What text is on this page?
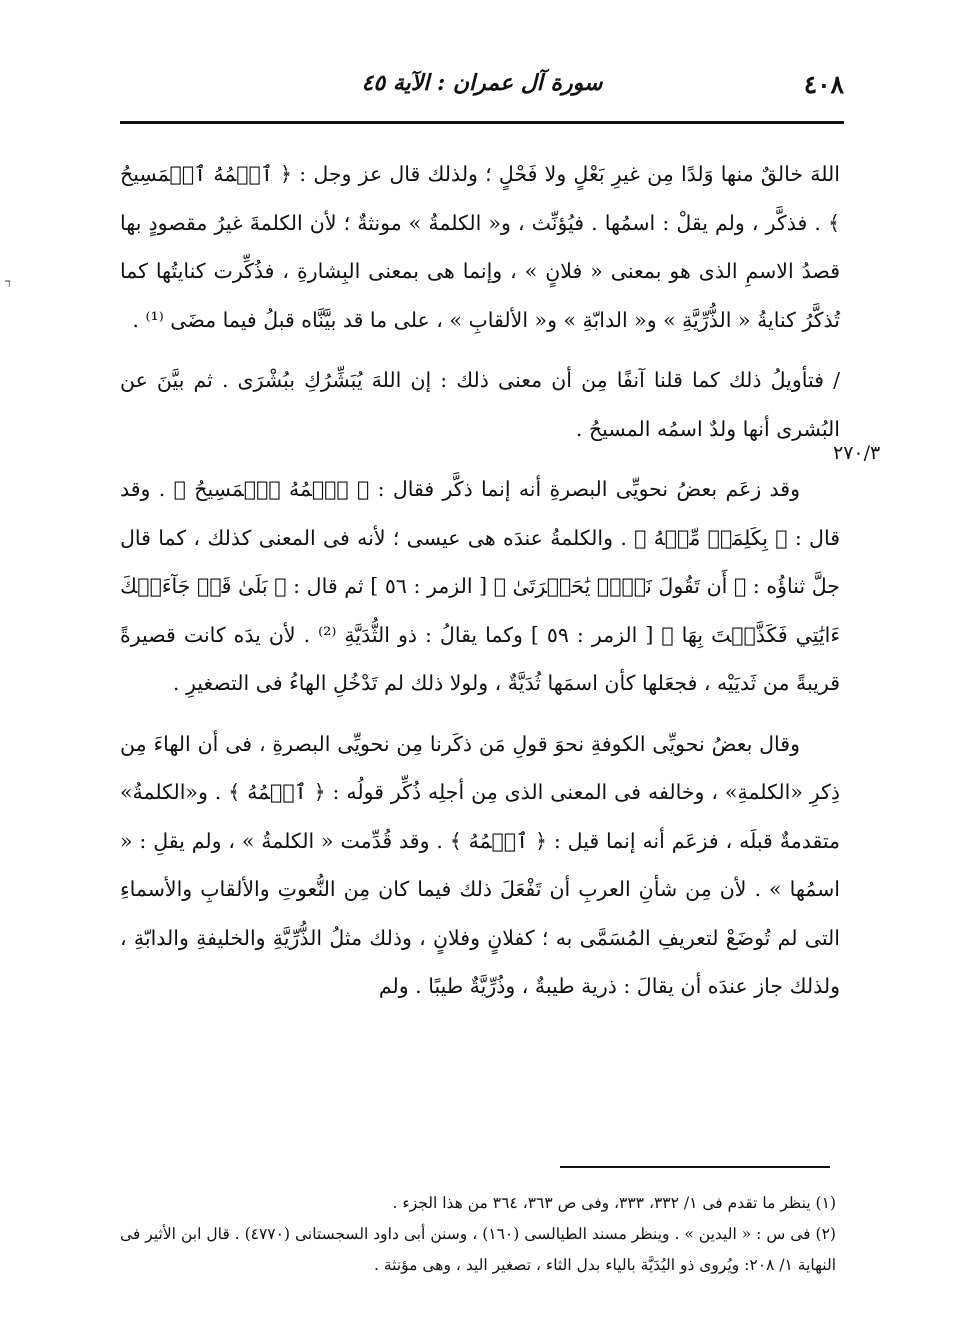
٤٠٨
سورة آل عمران : الآية ٤٥
ד
٢٧٠/٣

اللهَ خالقٌ منها وَلدًا مِن غيرِ بَعْلٍ ولا فَحْلٍ ؛ ولذلك قال عز وجل : ﴿ ٱسۡمُهُ ٱلۡمَسِيحُ ﴾ . فذكَّر ، ولم يقلْ : اسمُها . فيُؤنِّث ، و« الكلمةُ » مونثةٌ ؛ لأن الكلمةَ غيرُ مقصودٍ بها قصدُ الاسمِ الذى هو بمعنى « فلانٍ » ، وإنما هى بمعنى البِشارةِ ، فذُكِّرت كنايتُها كما تُذكَّرُ كنايةُ « الذُّرِّيَّةِ » و« الدابّةِ » و« الألقابِ » ، على ما قد بيَّنَّاه قبلُ فيما مضَى ⁽¹⁾ .

/ فتأويلُ ذلك كما قلنا آنفًا مِن أن معنى ذلك : إن اللهَ يُبَشِّرُكِ ببُشْرَى . ثم بيَّنَ عن البُشرى أنها ولدٌ اسمُه المسيحُ .

وقد زعَم بعضُ نحويِّى البصرةِ أنه إنما ذكَّر فقال : ﴿ ٱسۡمُهُ ٱلۡمَسِيحُ ﴾ . وقد قال : ﴿ بِكَلِمَةٖ مِّنۡهُ ﴾ . والكلمةُ عندَه هى عيسى ؛ لأنه فى المعنى كذلك ، كما قال جلَّ ثناؤُه : ﴿ أَن تَقُولَ نَفۡسٞ يَٰحَسۡرَتَىٰ ﴾ [ الزمر : ٥٦ ] ثم قال : ﴿ بَلَىٰ قَدۡ جَآءَتۡكَ ءَايَٰتِي فَكَذَّبۡتَ بِهَا ﴾ [ الزمر : ٥٩ ] وكما يقالُ : ذو الثُّدَيَّةِ ⁽²⁾ . لأن يدَه كانت قصيرةً قريبةً من ثَديَيْه ، فجعَلها كأن اسمَها ثُدَيَّةٌ ، ولولا ذلك لم تَدْخُلِ الهاءُ فى التصغيرِ .

وقال بعضُ نحويِّى الكوفةِ نحوَ قولِ مَن ذكَرنا مِن نحويِّى البصرةِ ، فى أن الهاءَ مِن ذِكرِ «الكلمةِ» ، وخالفه فى المعنى الذى مِن أجلِه ذُكِّر قولُه : ﴿ ٱسۡمُهُ ﴾ . و«الكلمةُ» متقدمةٌ قبلَه ، فزعَم أنه إنما قيل : ﴿ ٱسۡمُهُ ﴾ . وقد قُدِّمت « الكلمةُ » ، ولم يقلِ : « اسمُها » . لأن مِن شأنِ العربِ أن تَفْعَلَ ذلك فيما كان مِن النُّعوتِ والألقابِ والأسماءِ التى لم تُوضَعْ لتعريفِ المُسَمَّى به ؛ كفلانٍ وفلانٍ ، وذلك مثلُ الذُّرِّيَّةِ والخليفةِ والدابّةِ ، ولذلك جاز عندَه أن يقالَ : ذرية طيبةٌ ، وذُرِّيَّةٌ طيبًا . ولم

(١) ينظر ما تقدم فى ١/ ٣٣٢، ٣٣٣، وفى ص ٣٦٣، ٣٦٤ من هذا الجزء .

(٢) فى س : « اليدين » . وينظر مسند الطيالسى (١٦٠) ، وسنن أبى داود السجستانى (٤٧٧٠) . قال ابن الأثير فى النهاية ١/ ٢٠٨: ويُروى ذو اليُدَيَّة بالياء بدل الثاء ، تصغير اليد ، وهى مؤنثة .
